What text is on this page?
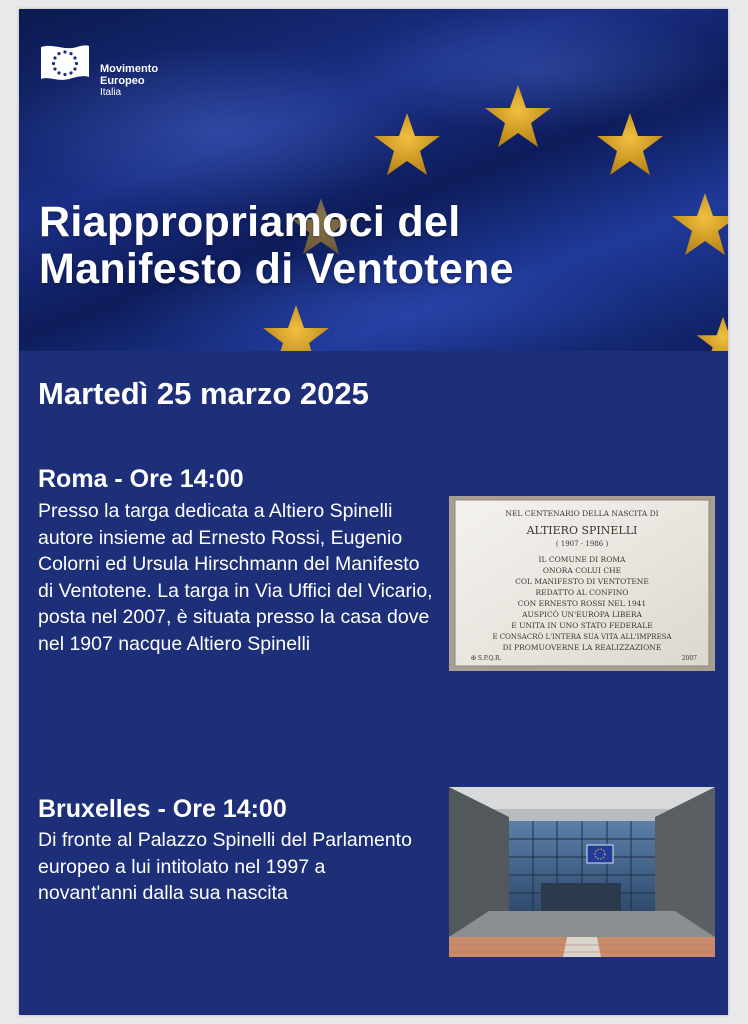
Movimento
Europeo
Italia
Riappropriamoci del
Manifesto di Ventotene
Martedì 25 marzo 2025
Roma - Ore 14:00

Presso la targa dedicata a Altiero Spinelli autore insieme ad Ernesto Rossi, Eugenio Colorni ed Ursula Hirschmann del Manifesto di Ventotene. La targa in Via Uffici del Vicario, posta nel 2007, è situata presso la casa dove nel 1907 nacque Altiero Spinelli

NEL CENTENARIO DELLA NASCITA DI
ALTIERO SPINELLI
( 1907 - 1986 )
IL COMUNE DI ROMA
ONORA COLUI CHE
COL MANIFESTO DI VENTOTENE
REDATTO AL CONFINO
CON ERNESTO ROSSI NEL 1941
AUSPICÒ UN'EUROPA LIBERA
E UNITA IN UNO STATO FEDERALE
E CONSACRÒ L'INTERA SUA VITA ALL'IMPRESA
DI PROMUOVERNE LA REALIZZAZIONE
✠ S.P.Q.R.	2007
Bruxelles - Ore 14:00

Di fronte al Palazzo Spinelli del Parlamento europeo a lui intitolato nel 1997 a novant'anni dalla sua nascita
